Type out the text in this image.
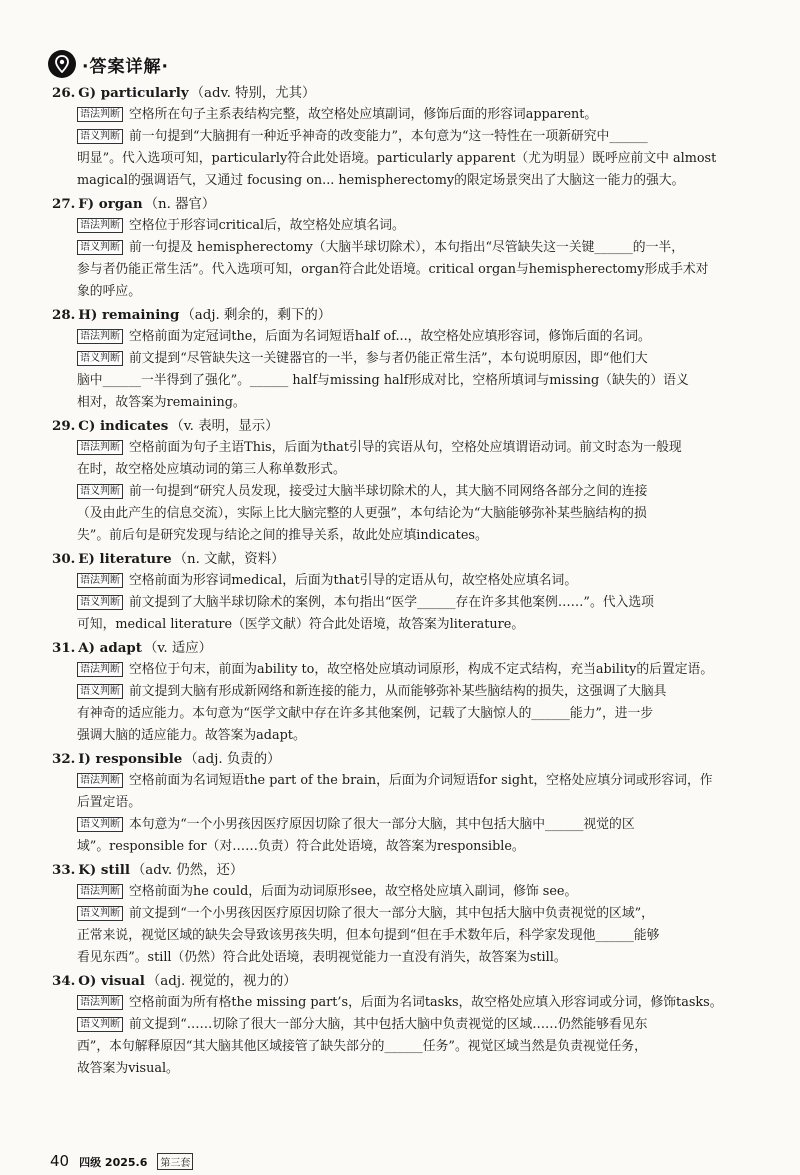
·答案详解·
26. G) particularly （adv. 特别，尤其）
语法判断 空格所在句子主系表结构完整，故空格处应填副词，修饰后面的形容词apparent。
语义判断 前一句提到“大脑拥有一种近乎神奇的改变能力”，本句意为“这一特性在一项新研究中______
明显”。代入选项可知，particularly符合此处语境。particularly apparent（尤为明显）既呼应前文中 almost
magical的强调语气，又通过 focusing on... hemispherectomy的限定场景突出了大脑这一能力的强大。
27. F) organ （n. 器官）
语法判断 空格位于形容词critical后，故空格处应填名词。
语义判断 前一句提及 hemispherectomy（大脑半球切除术），本句指出“尽管缺失这一关键______的一半，
参与者仍能正常生活”。代入选项可知，organ符合此处语境。critical organ与hemispherectomy形成手术对
象的呼应。
28. H) remaining （adj. 剩余的，剩下的）
语法判断 空格前面为定冠词the，后面为名词短语half of...，故空格处应填形容词，修饰后面的名词。
语义判断 前文提到“尽管缺失这一关键器官的一半，参与者仍能正常生活”，本句说明原因，即“他们大
脑中______一半得到了强化”。______ half与missing half形成对比，空格所填词与missing（缺失的）语义
相对，故答案为remaining。
29. C) indicates （v. 表明，显示）
语法判断 空格前面为句子主语This，后面为that引导的宾语从句，空格处应填谓语动词。前文时态为一般现
在时，故空格处应填动词的第三人称单数形式。
语义判断 前一句提到“研究人员发现，接受过大脑半球切除术的人，其大脑不同网络各部分之间的连接
（及由此产生的信息交流），实际上比大脑完整的人更强”，本句结论为“大脑能够弥补某些脑结构的损
失”。前后句是研究发现与结论之间的推导关系，故此处应填indicates。
30. E) literature （n. 文献，资料）
语法判断 空格前面为形容词medical，后面为that引导的定语从句，故空格处应填名词。
语义判断 前文提到了大脑半球切除术的案例，本句指出“医学______存在许多其他案例……”。代入选项
可知，medical literature（医学文献）符合此处语境，故答案为literature。
31. A) adapt （v. 适应）
语法判断 空格位于句末，前面为ability to，故空格处应填动词原形，构成不定式结构，充当ability的后置定语。
语义判断 前文提到大脑有形成新网络和新连接的能力，从而能够弥补某些脑结构的损失，这强调了大脑具
有神奇的适应能力。本句意为“医学文献中存在许多其他案例，记载了大脑惊人的______能力”，进一步
强调大脑的适应能力。故答案为adapt。
32. I) responsible （adj. 负责的）
语法判断 空格前面为名词短语the part of the brain，后面为介词短语for sight，空格处应填分词或形容词，作
后置定语。
语义判断 本句意为“一个小男孩因医疗原因切除了很大一部分大脑，其中包括大脑中______视觉的区
域”。responsible for（对……负责）符合此处语境，故答案为responsible。
33. K) still （adv. 仍然，还）
语法判断 空格前面为he could，后面为动词原形see，故空格处应填入副词，修饰 see。
语义判断 前文提到“一个小男孩因医疗原因切除了很大一部分大脑，其中包括大脑中负责视觉的区域”，
正常来说，视觉区域的缺失会导致该男孩失明，但本句提到“但在手术数年后，科学家发现他______能够
看见东西”。still（仍然）符合此处语境，表明视觉能力一直没有消失，故答案为still。
34. O) visual （adj. 视觉的，视力的）
语法判断 空格前面为所有格the missing part’s，后面为名词tasks，故空格处应填入形容词或分词，修饰tasks。
语义判断 前文提到“……切除了很大一部分大脑，其中包括大脑中负责视觉的区域……仍然能够看见东
西”，本句解释原因“其大脑其他区域接管了缺失部分的______任务”。视觉区域当然是负责视觉任务，
故答案为visual。
40 四级 2025.6	第三套
